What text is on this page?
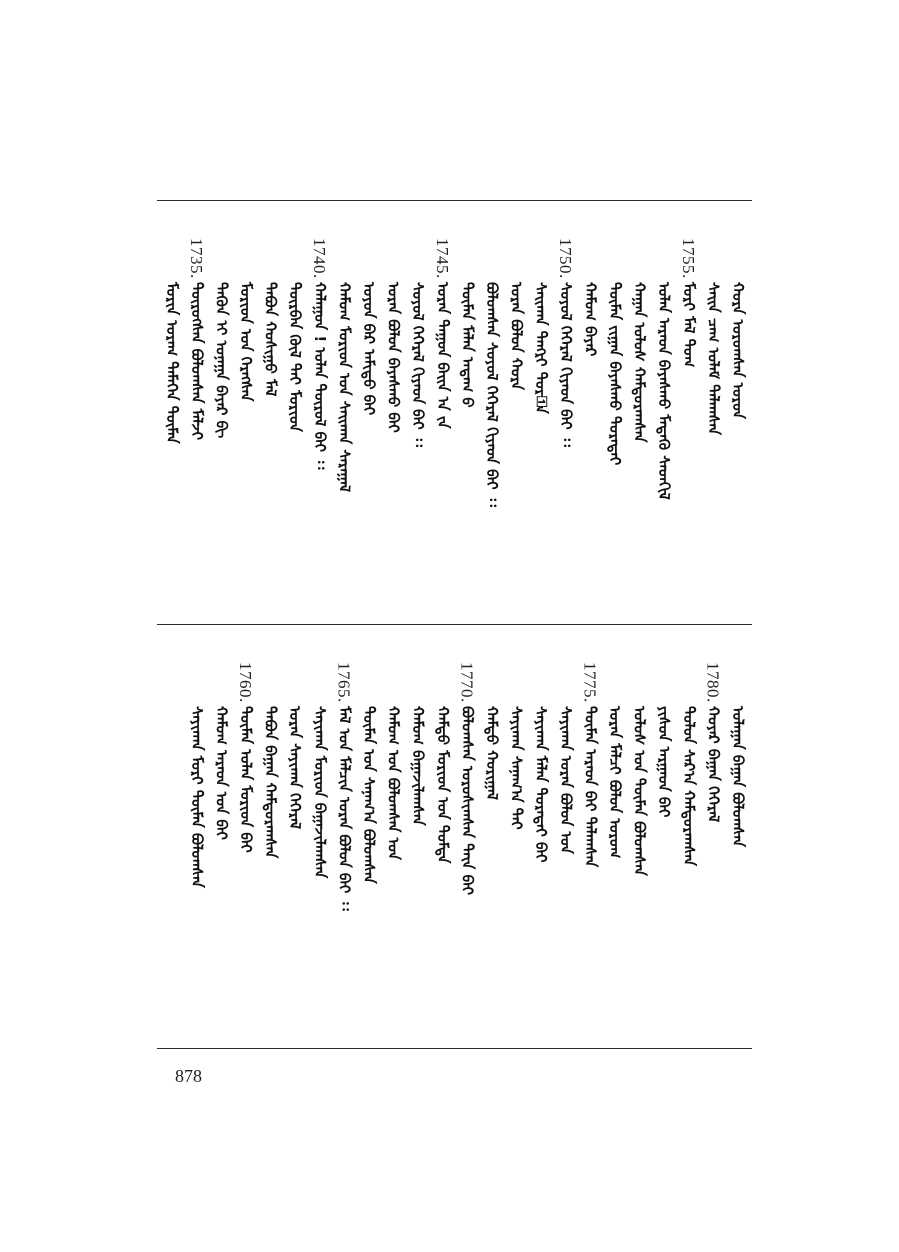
ᠬᠤᠷᠠ ᠤᠷᠤᠭᠰᠠᠨ ᠣᠷᠣᠨ
ᠰᠠᠢᠨ ᠴᠠᠭ ᠤᠯᠠᠮ ᠲᠠᠯᠠᠭᠰᠠᠨ
1755.
ᠮᠣᠷᠢ ᠮᠠᠯ ᠲᠣᠭ
ᠣᠯᠠᠨ ᠠᠷᠠᠳ ᠪᠠᠶᠠᠰᠬᠤ ᠮᠡᠳᠡᠬᠦ ᠰᠡᠳᠬᠢᠯ
ᠬᠠᠭᠠᠨ ᠤᠯᠤᠰ ᠬᠠᠮᠲᠤᠷᠠᠭᠰᠠᠨ
ᠲᠦᠮᠡᠨ ᠵᠢᠭᠠᠨ ᠪᠠᠶᠠᠰᠬᠤ ᠳᠤᠷᠠᠲᠠᠢ
ᠬᠠᠮᠤᠭ ᠪᠠᠶᠠᠷ
1750.
ᠰᠣᠶᠣᠯ ᠭᠡᠭᠡᠷᠡᠯ ᠭᠢᠶᠠᠳ ᠪᠠᠢ ᠄᠄
ᠰᠠᠢᠬᠠᠨ ᠲᠡᠩᠷᠢ ᠳᠣᠷ᠋ᠠ
ᠤᠷᠠᠨ ᠪᠣᠯᠤᠨ ᠬᠤᠷᠠ
ᠪᠣᠯᠤᠭᠰᠠᠨ ᠰᠣᠶᠣᠯ ᠭᠡᠭᠡᠷᠡᠯ ᠭᠢᠶᠠᠳ ᠪᠠᠢ ᠄᠄
ᠲᠦᠮᠡᠨ ᠮᠠᠯᠠᠨ ᠠᠳᠠᠭ ᠪ
1745.
ᠤᠷᠠᠨ ᠳᠠᠭᠤᠨ ᠪᠠᠢᠨ ᠠ ᠶ᠋ᠠ
ᠰᠣᠶᠣᠯ ᠭᠡᠭᠡᠷᠡᠯ ᠭᠢᠶᠠᠳ ᠪᠠᠢ ᠄᠄
ᠤᠷᠠᠨ ᠪᠣᠯᠤᠨ ᠪᠠᠶᠠᠰᠬᠤ ᠪᠠᠢ
ᠣᠶᠣᠨ ᠪᠠᠷ ᠠᠮᠢᠳᠤ ᠪᠠᠢ
ᠬᠠᠮᠤᠭ ᠮᠣᠷᠢᠳ ᠤᠨ ᠰᠠᠢᠬᠠᠨ ᠰᠠᠷᠠᠭᠠᠯ
1740.
ᠬᠠᠯᠠᠭᠤᠨ ! ᠤᠯᠠᠨ ᠲᠥᠷᠦᠯ ᠪᠠᠢ ᠄᠄
ᠳᠦᠷᠪᠡᠨ ᠬᠦᠯ ᠲᠠᠢ ᠮᠣᠷᠢᠳ
ᠲᠠᠪᠤᠨ ᠬᠣᠰᠢᠭᠤ ᠮᠠᠯ
ᠮᠣᠷᠢᠳ ᠤᠨ ᠬᠡᠷᠡᠭᠰᠡᠨ
ᠲᠡᠭᠦᠨ ᠢ ᠤᠨᠠᠭᠠ ᠪᠠᠶᠠᠷ ᠪᠢ
1735.
ᠲᠥᠷᠦᠭᠰᠡᠨ ᠪᠣᠯᠤᠭᠰᠠᠨ ᠮᠠᠯᠵᠢ
ᠮᠣᠷᠢᠨ ᠤᠷᠠᠭ ᠲᠡᠮᠡᠭᠡᠨ ᠲᠦᠮᠡᠨ
ᠤᠯᠠᠭᠠᠨ ᠪᠠᠭᠠᠨ ᠪᠣᠯᠤᠭᠰᠠᠨ
1780.
ᠬᠣᠶᠠᠷ ᠪᠠᠭᠠᠨ ᠭᠡᠭᠡᠷᠡᠯ
ᠳᠣᠯᠤᠨ ᠰᠠᠷ᠎ᠠ ᠬᠠᠮᠲᠤᠷᠠᠭᠰᠠᠨ
ᠶᠢᠰᠦᠨ ᠠᠷᠭᠠᠳ ᠪᠠᠢ
ᠤᠯᠤᠰ ᠤᠨ ᠲᠦᠮᠡᠨ ᠪᠣᠯᠤᠭᠰᠠᠨ
ᠤᠷᠠᠨ ᠮᠠᠯᠴᠢ ᠪᠣᠯᠤᠨ ᠤᠷᠤᠭ
1775.
ᠲᠦᠮᠡᠨ ᠠᠷᠠᠳ ᠪᠠᠢ ᠲᠠᠯᠠᠭᠰᠠᠨ
ᠰᠠᠶᠢᠬᠠᠨ ᠤᠷᠠᠨ ᠪᠣᠯᠤᠨ ᠤᠨ
ᠰᠠᠶᠢᠬᠠᠨ ᠮᠠᠯᠠᠨ ᠳᠤᠷᠠᠲᠠᠢ ᠪᠠᠢ
ᠰᠠᠶᠢᠬᠠᠨ ᠰᠠᠨᠠᠭ᠎ᠠ ᠲᠠᠢ
ᠬᠠᠮᠲᠤ ᠬᠣᠷᠢᠭᠠᠯ
1770.
ᠪᠣᠯᠤᠭᠰᠠᠨ ᠣᠷᠣᠰᠢᠭᠰᠠᠨ ᠲᠠᠶ᠋ᠠ ᠪᠠᠢ
ᠬᠠᠮᠲᠤ ᠮᠣᠷᠢᠳ ᠤᠨ ᠳᠤᠮᠳᠠ
ᠬᠠᠮᠤᠭ ᠪᠠᠭᠠᠵᠢᠯᠠᠭᠰᠠᠨ
ᠬᠠᠮᠤᠭ ᠤᠨ ᠪᠣᠯᠤᠭᠰᠠᠨ ᠤᠨ
ᠲᠦᠮᠡᠨ ᠤᠨ ᠰᠠᠨᠠᠭ᠎ᠠ ᠪᠣᠯᠤᠭᠰᠠᠨ
1765.
ᠮᠠᠯ ᠤᠨ ᠮᠠᠯᠴᠢᠨ ᠤᠷᠠᠨ ᠪᠣᠯᠤᠨ ᠪᠠᠢ ᠄᠄
ᠰᠠᠶᠢᠬᠠᠨ ᠮᠣᠷᠢᠳ ᠪᠠᠭᠠᠵᠢᠯᠠᠭᠰᠠᠨ
ᠤᠷᠠᠨ ᠰᠠᠶᠢᠬᠠᠨ ᠭᠡᠭᠡᠷᠡᠯ
ᠲᠠᠪᠤᠨ ᠪᠠᠭᠠᠨ ᠬᠠᠮᠲᠤᠷᠠᠭᠰᠠᠨ
1760.
ᠲᠦᠮᠡᠨ ᠤᠯᠠᠨ ᠮᠣᠷᠢᠳ ᠪᠠᠢ
ᠬᠠᠮᠤᠭ ᠠᠷᠠᠳ ᠤᠨ ᠪᠠᠢ
ᠰᠠᠶᠢᠬᠠᠨ ᠮᠣᠷᠢ ᠲᠦᠮᠡᠨ ᠪᠣᠯᠤᠭᠰᠠᠨ
878
